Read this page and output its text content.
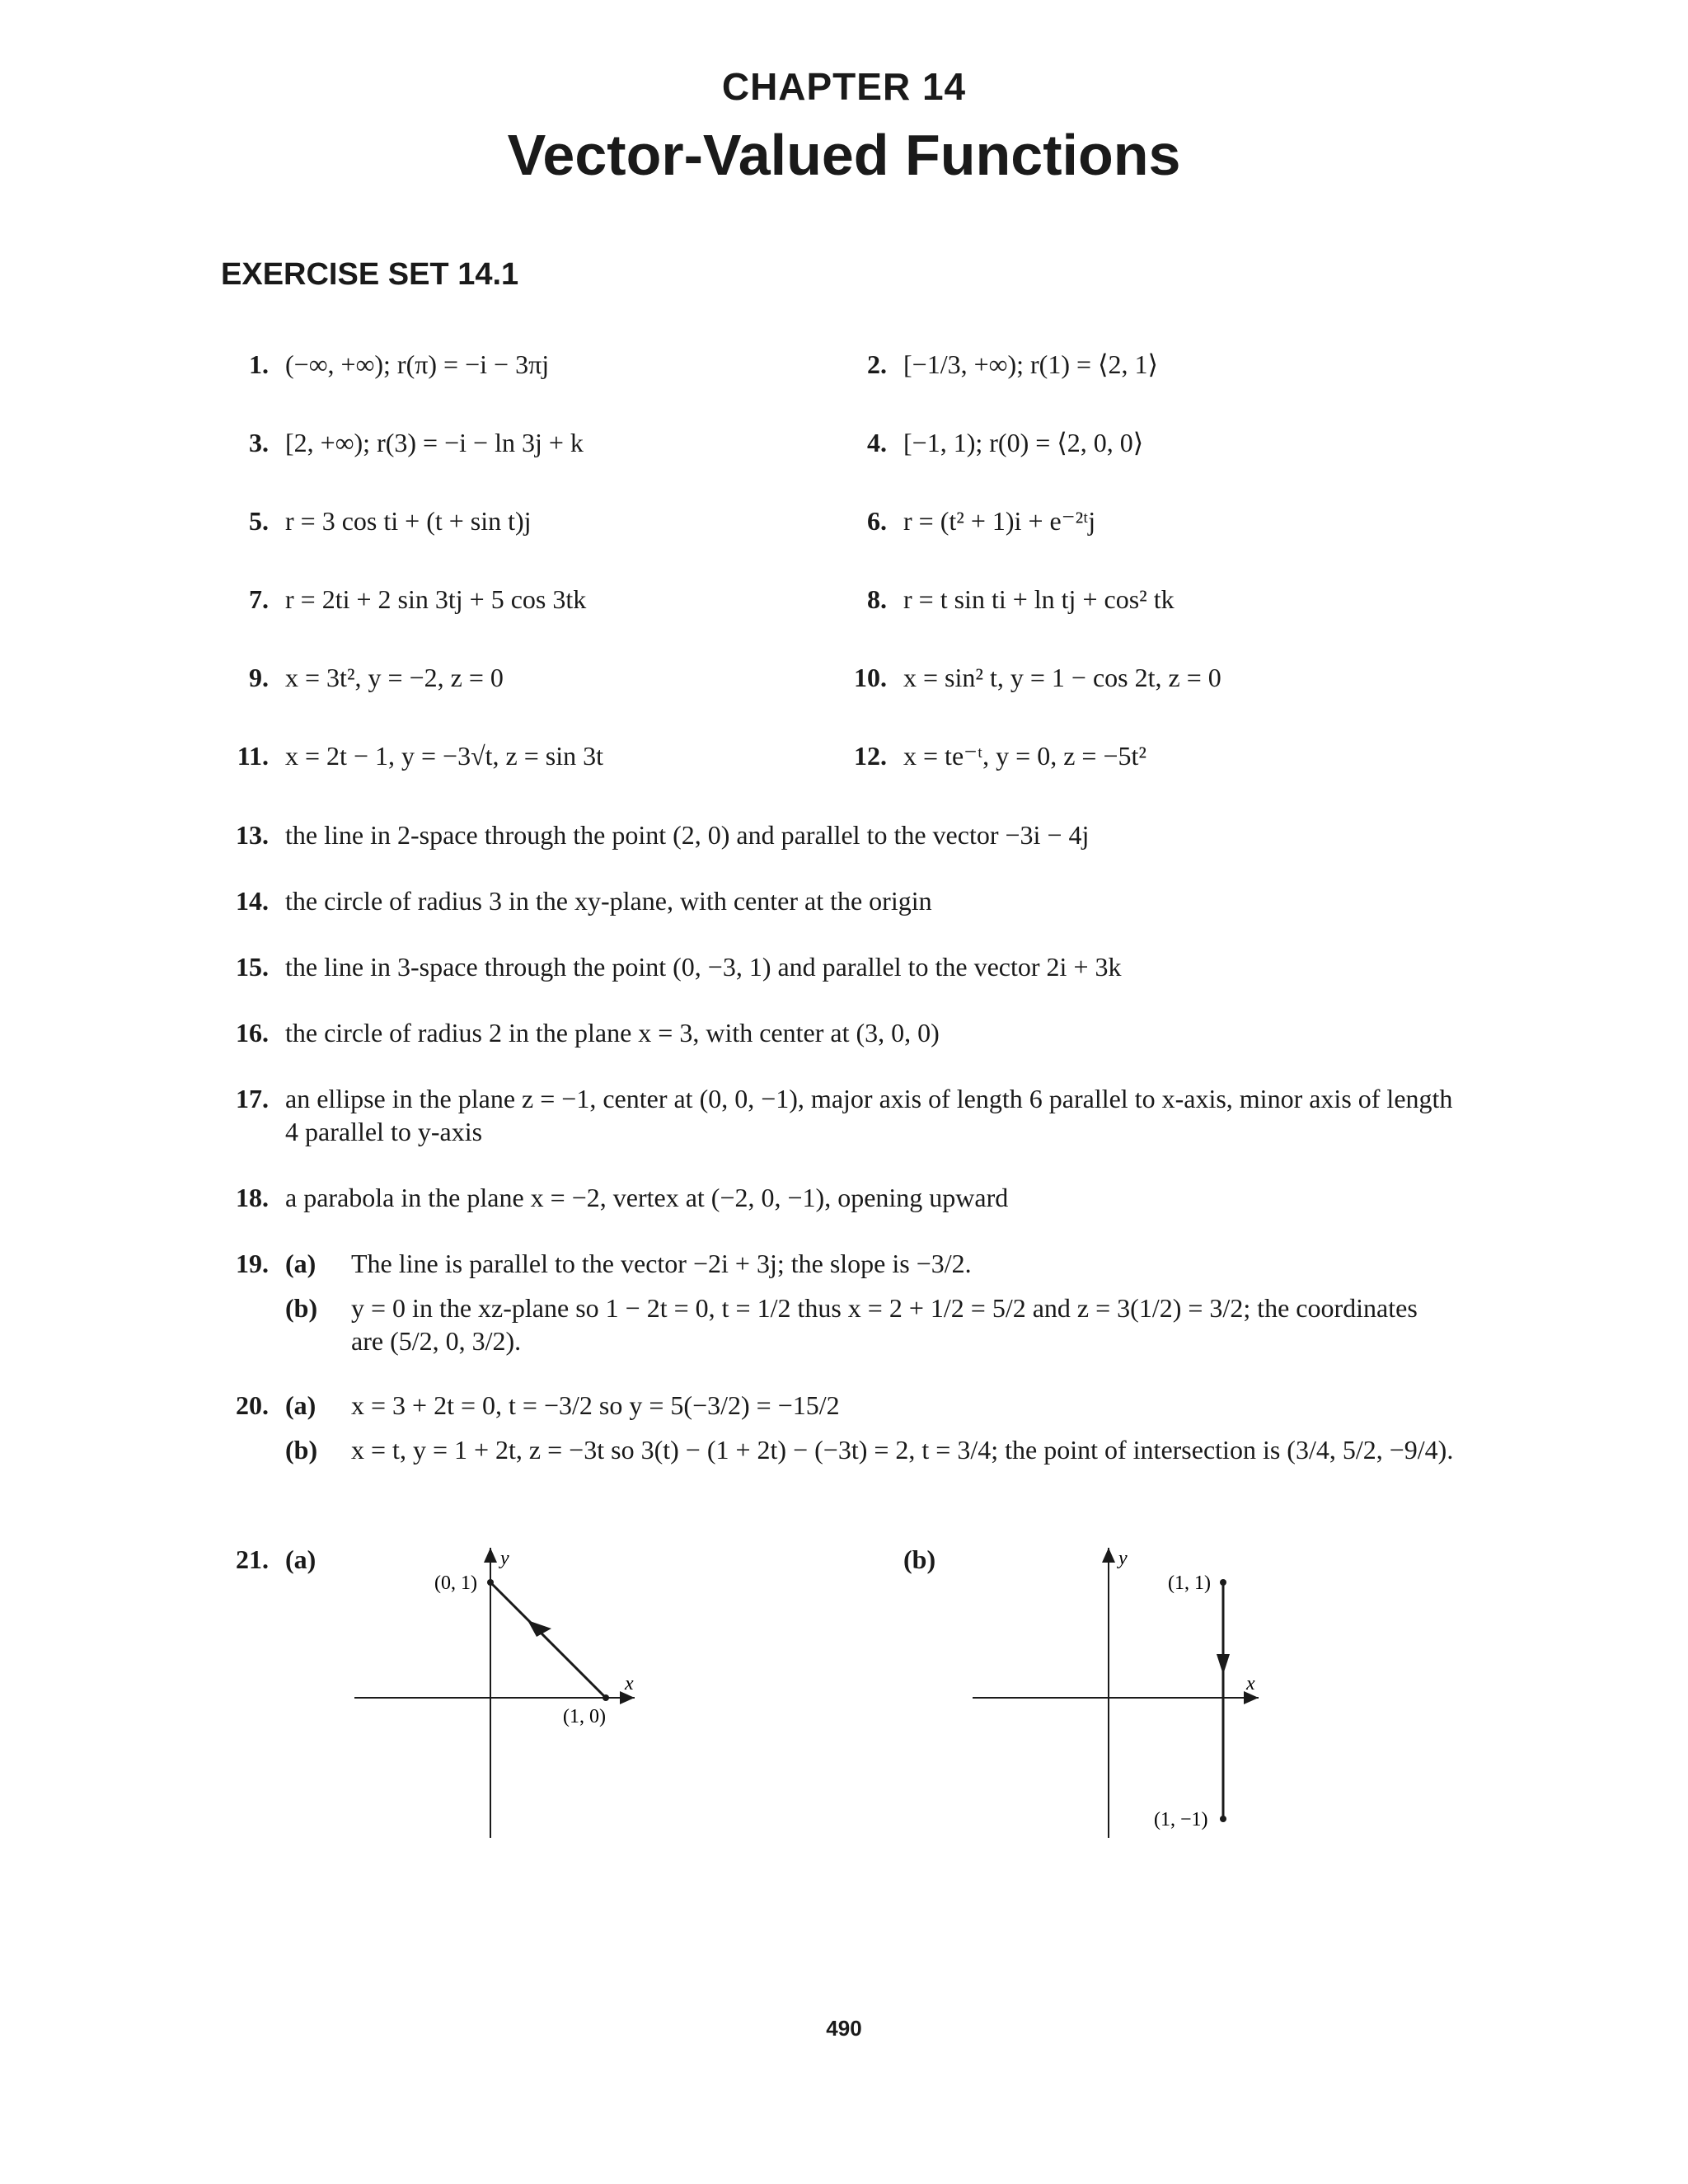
CHAPTER 14
Vector-Valued Functions
EXERCISE SET 14.1
1. (−∞, +∞); r(π) = −i − 3πj	2. [−1/3, +∞); r(1) = ⟨2, 1⟩
3. [2, +∞); r(3) = −i − ln 3j + k	4. [−1, 1); r(0) = ⟨2, 0, 0⟩
5. r = 3 cos ti + (t + sin t)j	6. r = (t² + 1)i + e⁻²ᵗj
7. r = 2ti + 2 sin 3tj + 5 cos 3tk	8. r = t sin ti + ln tj + cos² tk
9. x = 3t², y = −2, z = 0	10. x = sin² t, y = 1 − cos 2t, z = 0
11. x = 2t − 1, y = −3√t, z = sin 3t	12. x = te⁻ᵗ, y = 0, z = −5t²
13. the line in 2-space through the point (2, 0) and parallel to the vector −3i − 4j
14. the circle of radius 3 in the xy-plane, with center at the origin
15. the line in 3-space through the point (0, −3, 1) and parallel to the vector 2i + 3k
16. the circle of radius 2 in the plane x = 3, with center at (3, 0, 0)
17. an ellipse in the plane z = −1, center at (0, 0, −1), major axis of length 6 parallel to x-axis, minor axis of length 4 parallel to y-axis
18. a parabola in the plane x = −2, vertex at (−2, 0, −1), opening upward
19. (a) The line is parallel to the vector −2i + 3j; the slope is −3/2.
(b) y = 0 in the xz-plane so 1 − 2t = 0, t = 1/2 thus x = 2 + 1/2 = 5/2 and z = 3(1/2) = 3/2; the coordinates are (5/2, 0, 3/2).
20. (a) x = 3 + 2t = 0, t = −3/2 so y = 5(−3/2) = −15/2
(b) x = t, y = 1 + 2t, z = −3t so 3(t) − (1 + 2t) − (−3t) = 2, t = 3/4; the point of intersection is (3/4, 5/2, −9/4).
21. (a)	(b)
y
x
(0, 1)
(1, 0)
y
x
(1, 1)
(1, −1)
490
